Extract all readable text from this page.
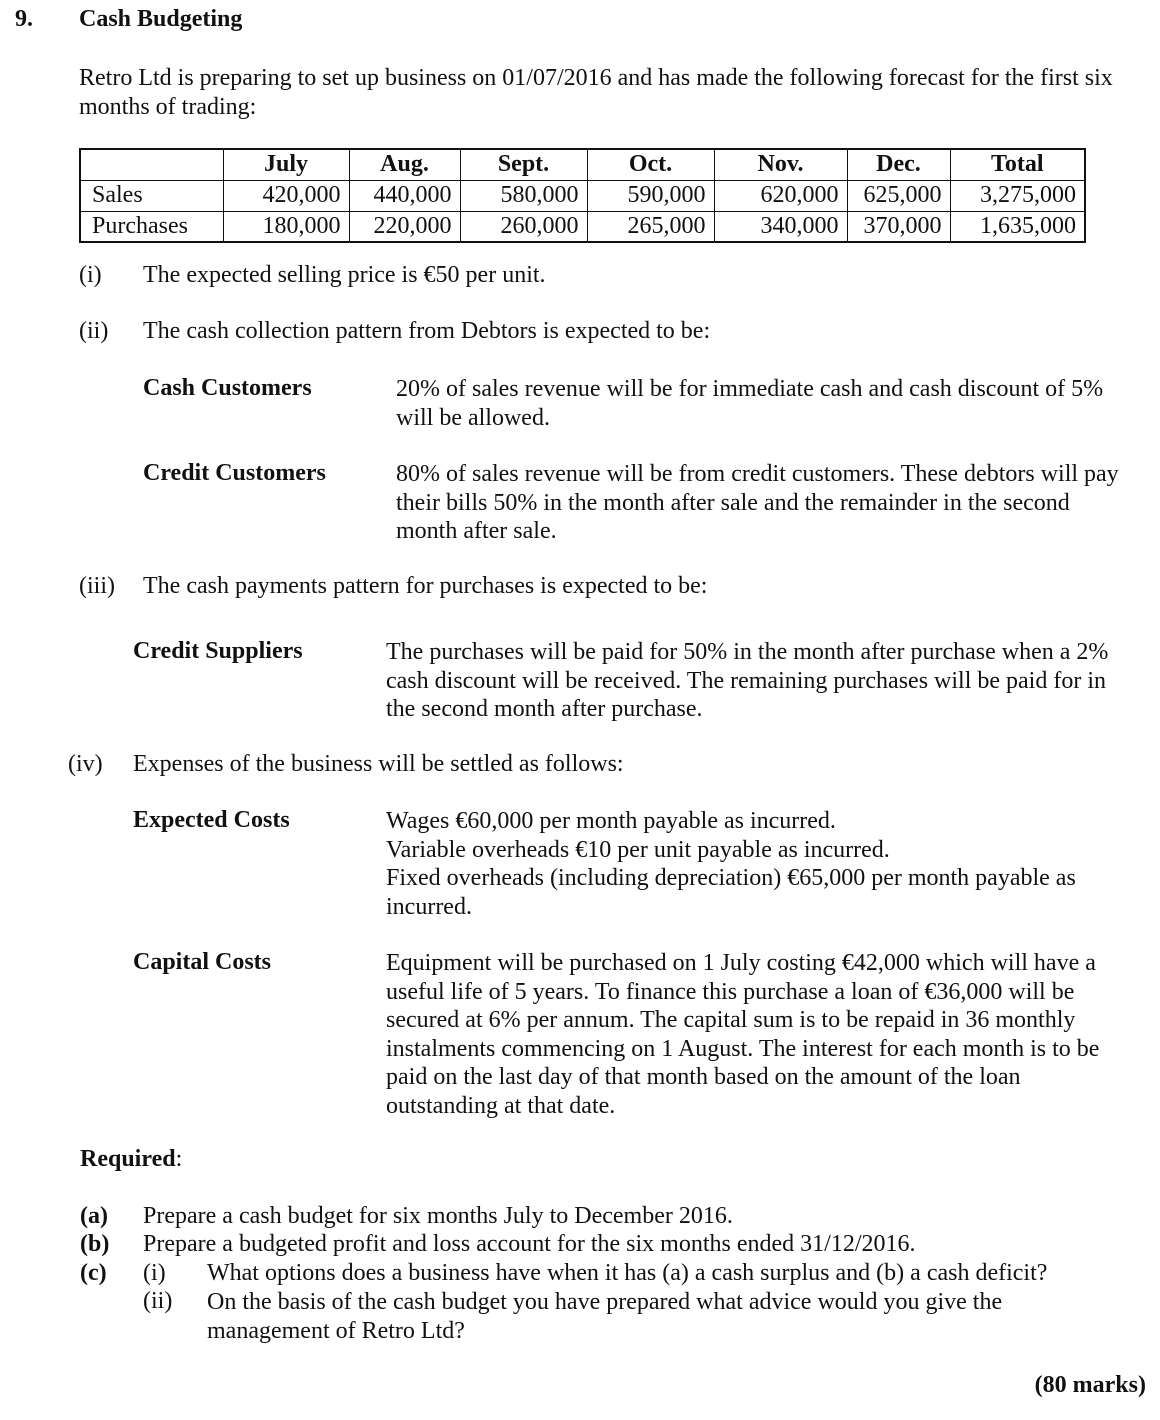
9. Cash Budgeting
Retro Ltd is preparing to set up business on 01/07/2016 and has made the following forecast for the first six
months of trading:
	July	Aug.	Sept.	Oct.	Nov.	Dec.	Total
Sales	420,000	440,000	580,000	590,000	620,000	625,000	3,275,000
Purchases	180,000	220,000	260,000	265,000	340,000	370,000	1,635,000
(i) The expected selling price is €50 per unit.
(ii) The cash collection pattern from Debtors is expected to be:
Cash Customers	20% of sales revenue will be for immediate cash and cash discount of 5%
will be allowed.
Credit Customers	80% of sales revenue will be from credit customers. These debtors will pay
their bills 50% in the month after sale and the remainder in the second
month after sale.
(iii) The cash payments pattern for purchases is expected to be:
Credit Suppliers	The purchases will be paid for 50% in the month after purchase when a 2%
cash discount will be received. The remaining purchases will be paid for in
the second month after purchase.
(iv) Expenses of the business will be settled as follows:
Expected Costs	Wages €60,000 per month payable as incurred.
Variable overheads €10 per unit payable as incurred.
Fixed overheads (including depreciation) €65,000 per month payable as
incurred.
Capital Costs	Equipment will be purchased on 1 July costing €42,000 which will have a
useful life of 5 years. To finance this purchase a loan of €36,000 will be
secured at 6% per annum. The capital sum is to be repaid in 36 monthly
instalments commencing on 1 August. The interest for each month is to be
paid on the last day of that month based on the amount of the loan
outstanding at that date.
Required:
(a) Prepare a cash budget for six months July to December 2016.
(b) Prepare a budgeted profit and loss account for the six months ended 31/12/2016.
(c) (i) What options does a business have when it has (a) a cash surplus and (b) a cash deficit?
(ii) On the basis of the cash budget you have prepared what advice would you give the
management of Retro Ltd?
(80 marks)
